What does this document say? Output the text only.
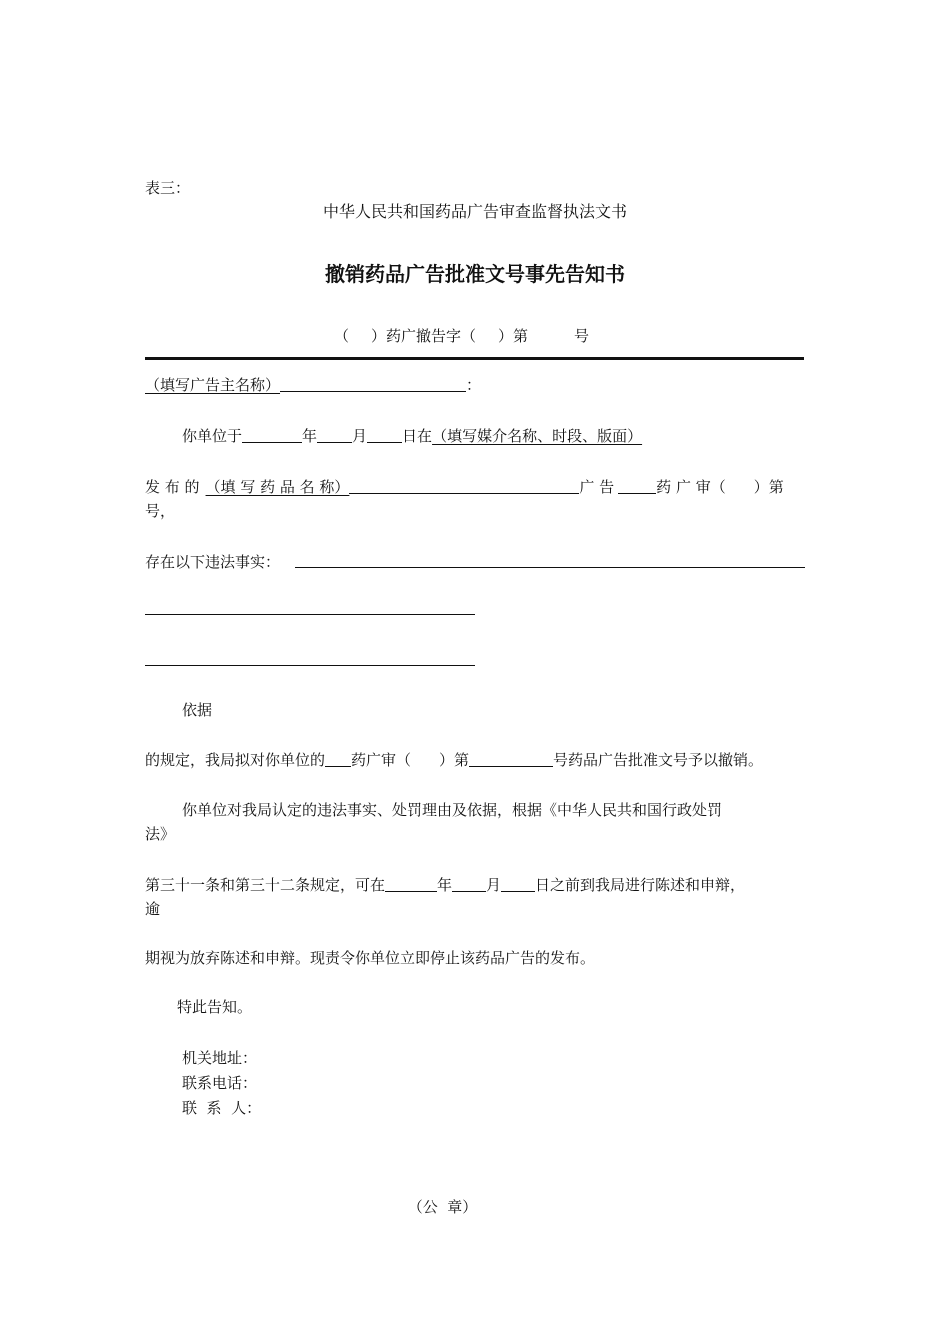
表三：
中华人民共和国药品广告审查监督执法文书
撤销药品广告批准文号事先告知书
（ ）药广撤告字（ ）第	号
（填写广告主名称）	：
你单位于	年 月 日在（填写媒介名称、时段、版面）
发 布 的 （填 写 药 品 名 称）	广 告	药 广 审（ ）第
号，
存在以下违法事实：
依据
的规定，我局拟对你单位的 药广审（ ）第	号药品广告批准文号予以撤销。
你单位对我局认定的违法事实、处罚理由及依据，根据《中华人民共和国行政处罚
法》
第三十一条和第三十二条规定，可在	年 月 日之前到我局进行陈述和申辩，
逾
期视为放弃陈述和申辩。现责令你单位立即停止该药品广告的发布。
特此告知。
机关地址：
联系电话：
联  系  人：
（公  章）
